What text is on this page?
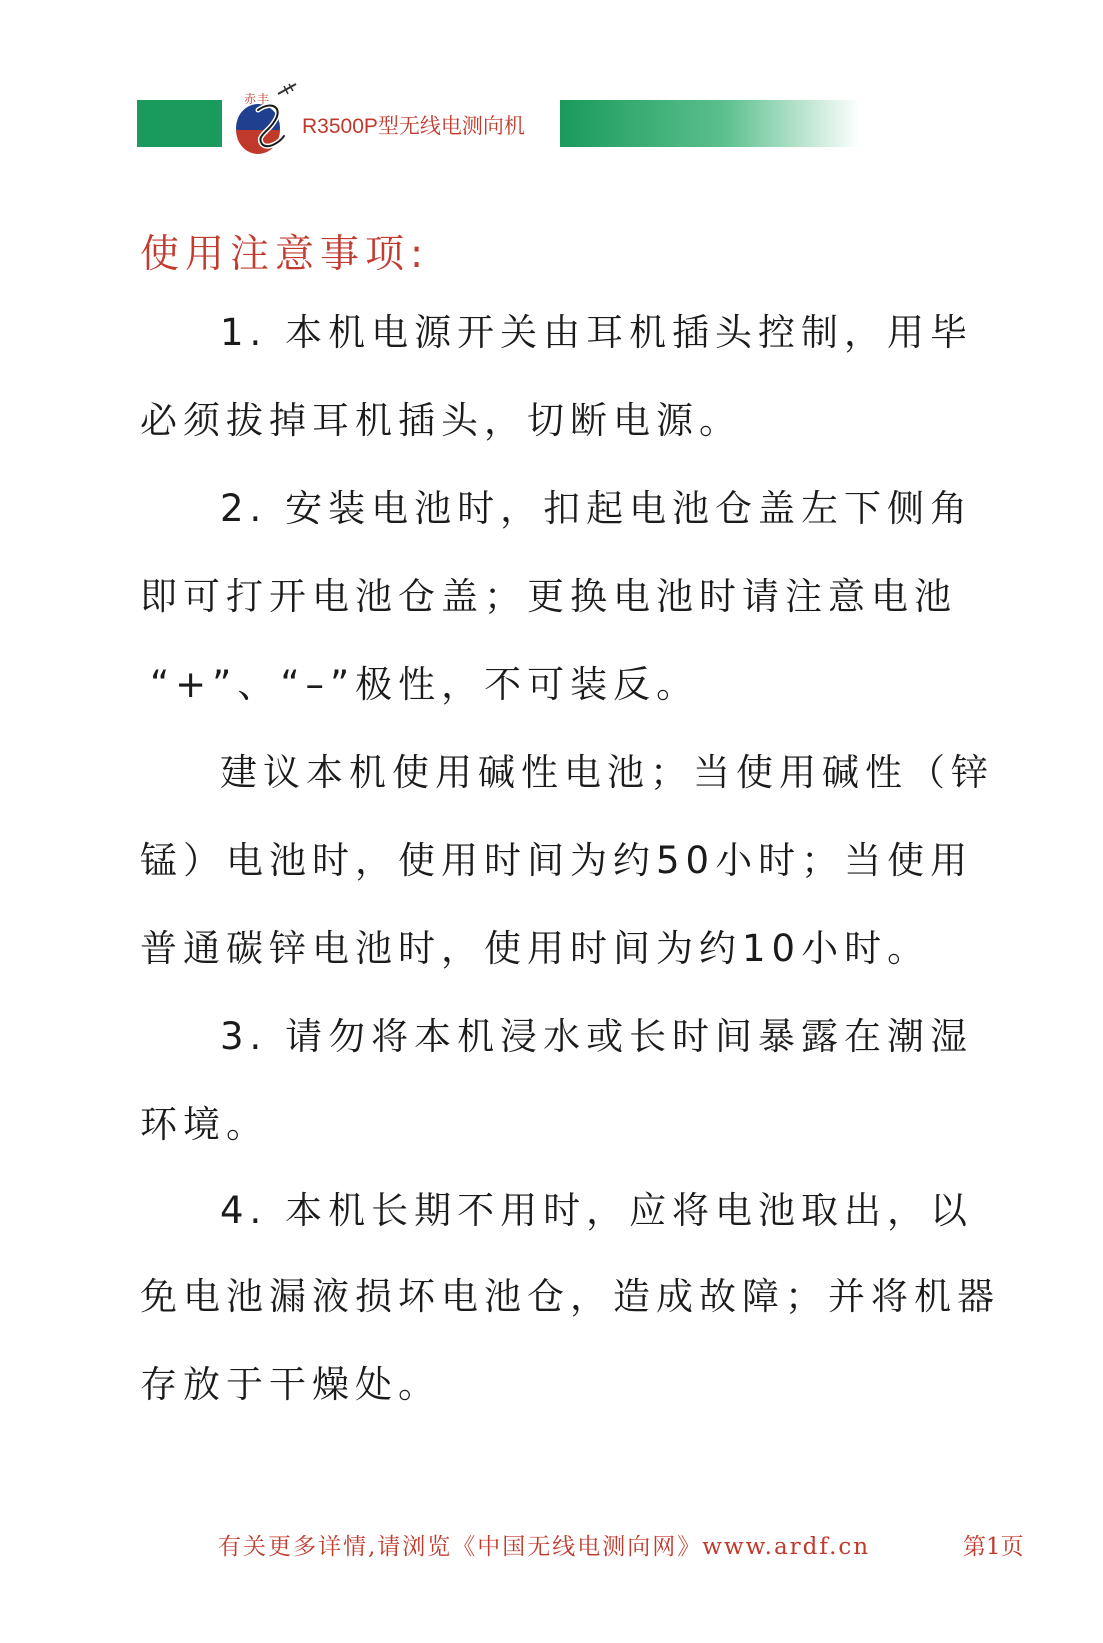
赤丰
R3500P型无线电测向机
使用注意事项:
1. 本机电源开关由耳机插头控制，用毕
必须拔掉耳机插头，切断电源。
2. 安装电池时，扣起电池仓盖左下侧角
即可打开电池仓盖；更换电池时请注意电池
“+”、“–”极性，不可装反。
建议本机使用碱性电池；当使用碱性（锌
锰）电池时，使用时间为约50小时；当使用
普通碳锌电池时，使用时间为约10小时。
3. 请勿将本机浸水或长时间暴露在潮湿
环境。
4. 本机长期不用时，应将电池取出，以
免电池漏液损坏电池仓，造成故障；并将机器
存放于干燥处。
有关更多详情,请浏览《中国无线电测向网》www.ardf.cn	第1页
